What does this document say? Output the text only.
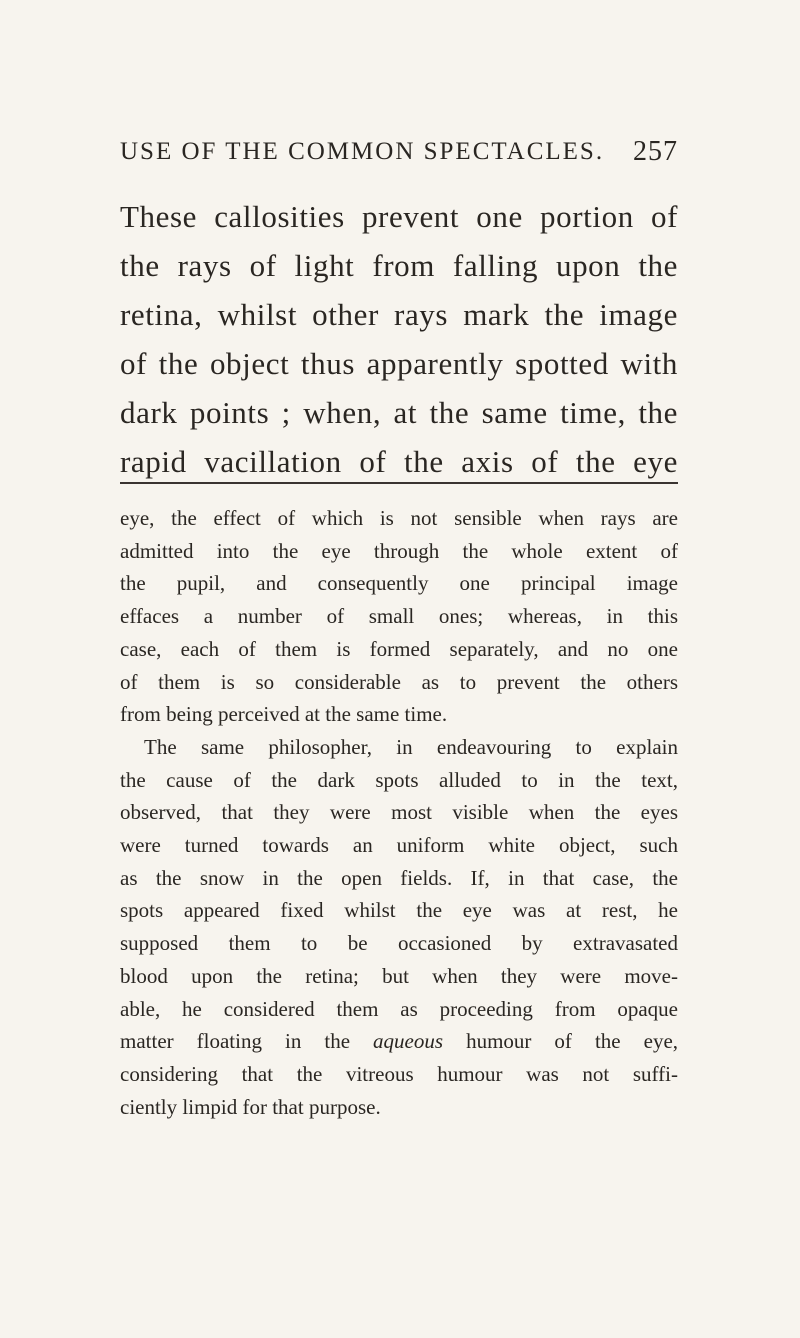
USE OF THE COMMON SPECTACLES. 257
These callosities prevent one portion of
the rays of light from falling upon the
retina, whilst other rays mark the image
of the object thus apparently spotted with
dark points ; when, at the same time, the
rapid vacillation of the axis of the eye
eye, the effect of which is not sensible when rays are
admitted into the eye through the whole extent of
the pupil, and consequently one principal image
effaces a number of small ones; whereas, in this
case, each of them is formed separately, and no one
of them is so considerable as to prevent the others
from being perceived at the same time.
The same philosopher, in endeavouring to explain
the cause of the dark spots alluded to in the text,
observed, that they were most visible when the eyes
were turned towards an uniform white object, such
as the snow in the open fields. If, in that case, the
spots appeared fixed whilst the eye was at rest, he
supposed them to be occasioned by extravasated
blood upon the retina; but when they were move-
able, he considered them as proceeding from opaque
matter floating in the aqueous humour of the eye,
considering that the vitreous humour was not suffi-
ciently limpid for that purpose.
